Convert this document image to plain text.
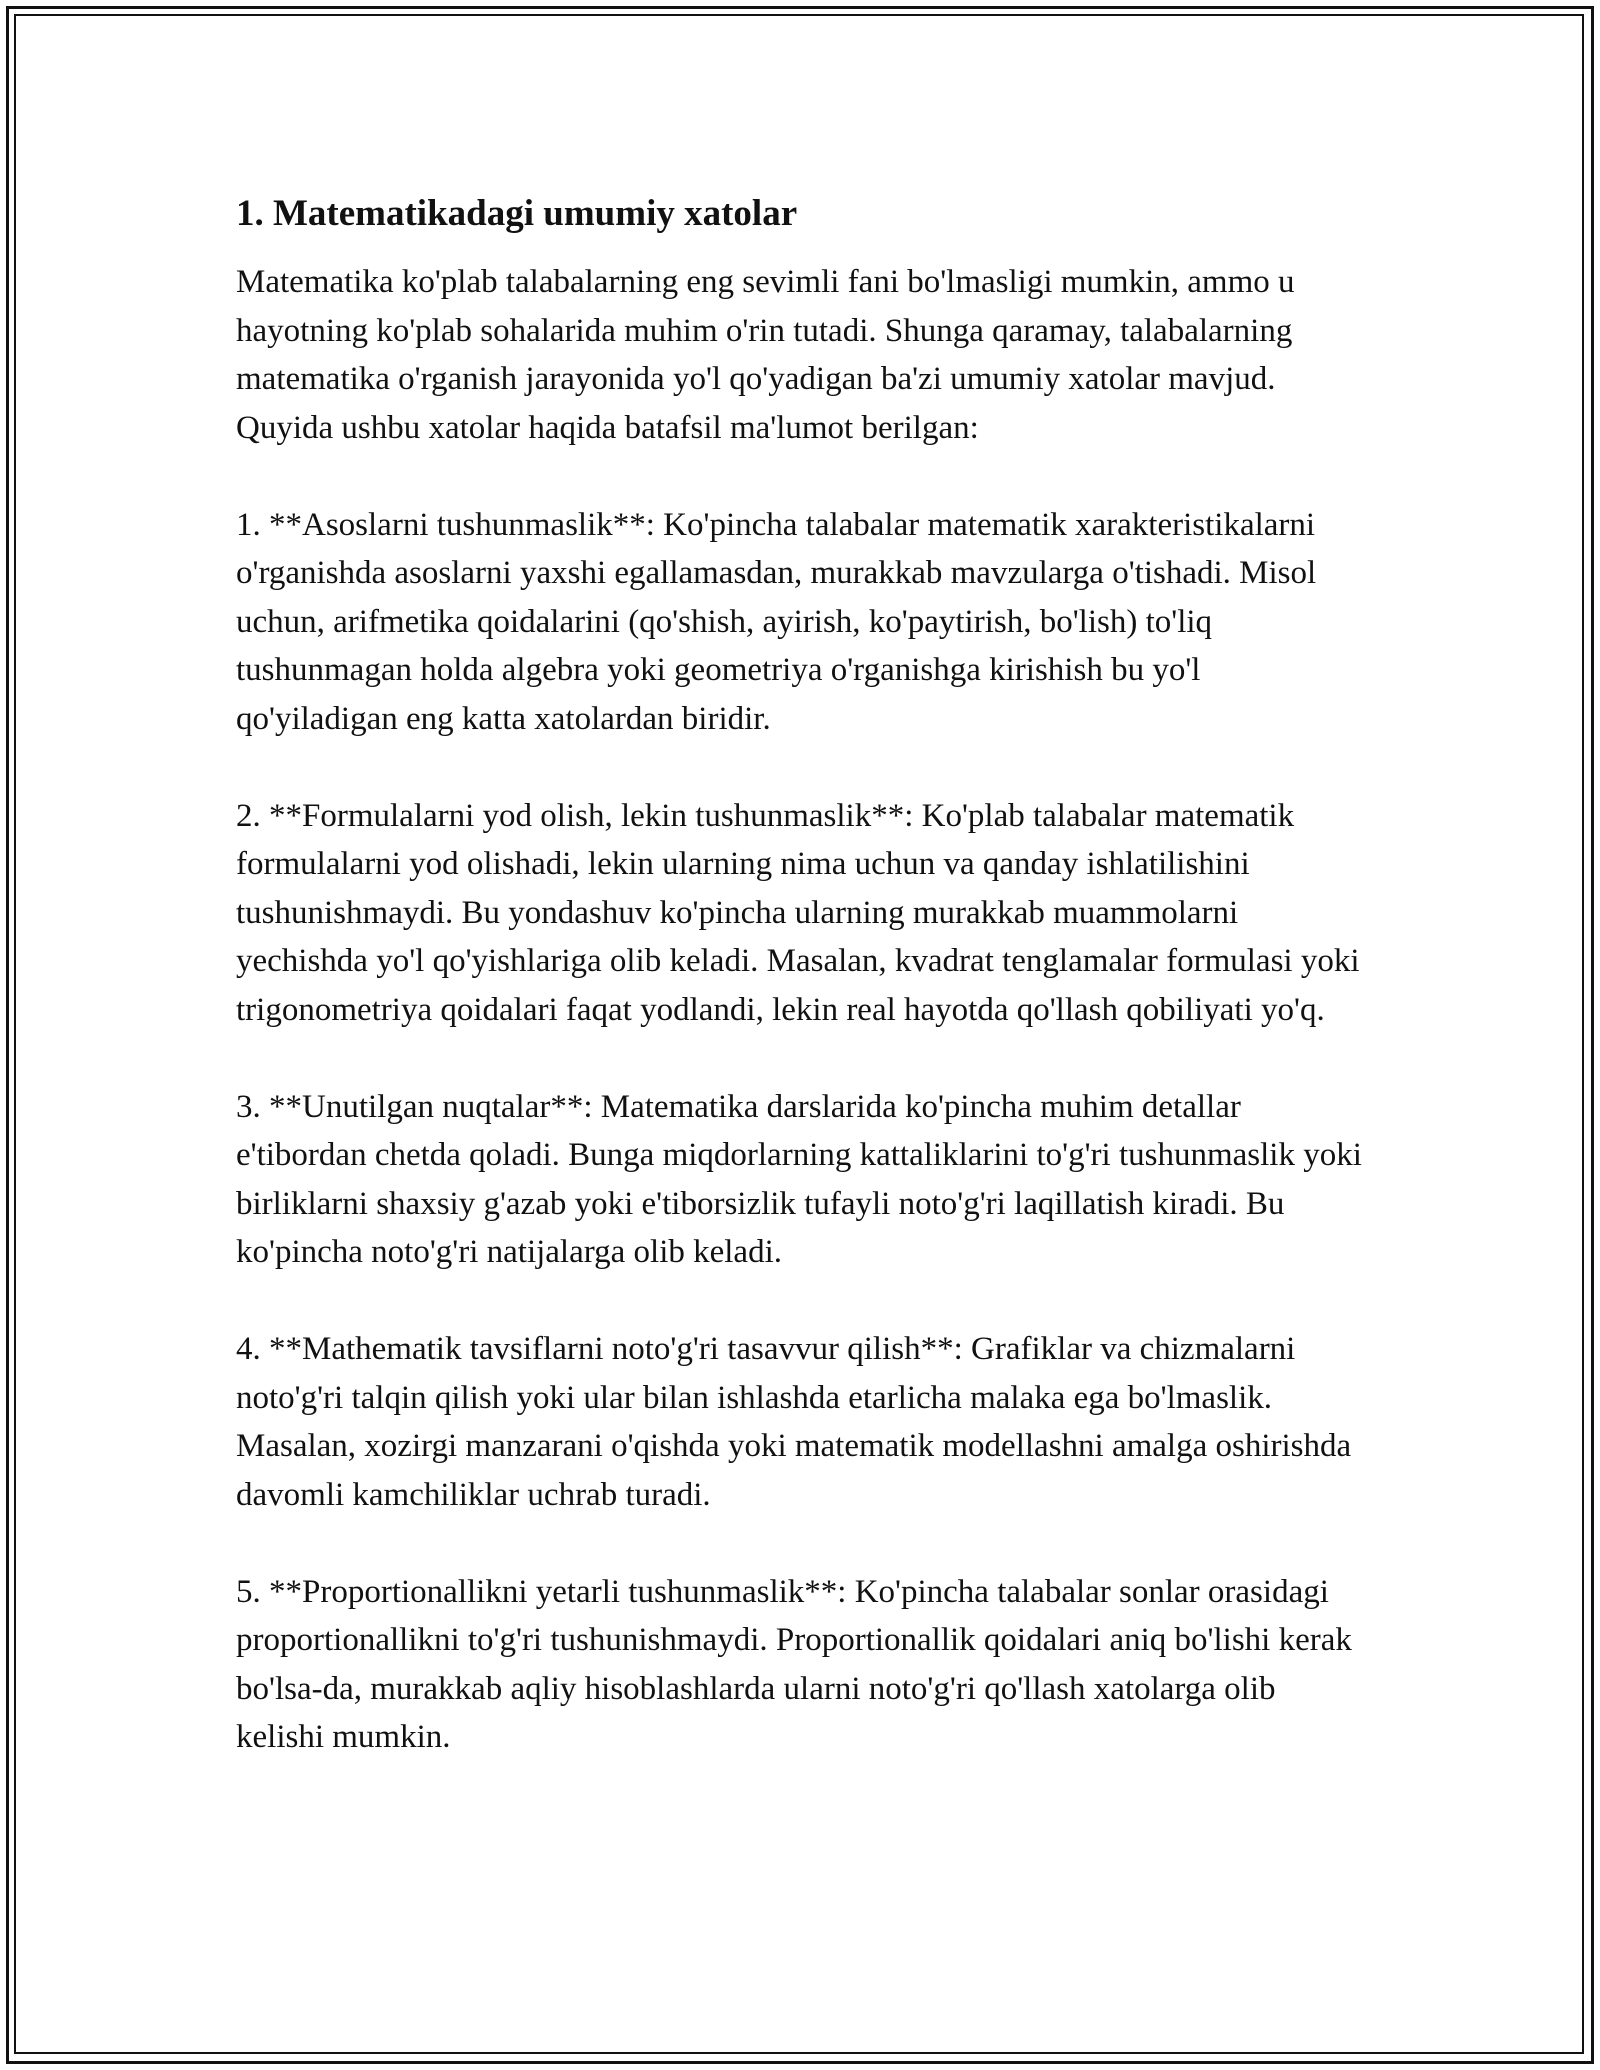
1. Matematikadagi umumiy xatolar

Matematika ko'plab talabalarning eng sevimli fani bo'lmasligi mumkin, ammo u hayotning ko'plab sohalarida muhim o'rin tutadi. Shunga qaramay, talabalarning matematika o'rganish jarayonida yo'l qo'yadigan ba'zi umumiy xatolar mavjud. Quyida ushbu xatolar haqida batafsil ma'lumot berilgan:

1. **Asoslarni tushunmaslik**: Ko'pincha talabalar matematik xarakteristikalarni o'rganishda asoslarni yaxshi egallamasdan, murakkab mavzularga o'tishadi. Misol uchun, arifmetika qoidalarini (qo'shish, ayirish, ko'paytirish, bo'lish) to'liq tushunmagan holda algebra yoki geometriya o'rganishga kirishish bu yo'l qo'yiladigan eng katta xatolardan biridir.

2. **Formulalarni yod olish, lekin tushunmaslik**: Ko'plab talabalar matematik formulalarni yod olishadi, lekin ularning nima uchun va qanday ishlatilishini tushunishmaydi. Bu yondashuv ko'pincha ularning murakkab muammolarni yechishda yo'l qo'yishlariga olib keladi. Masalan, kvadrat tenglamalar formulasi yoki trigonometriya qoidalari faqat yodlandi, lekin real hayotda qo'llash qobiliyati yo'q.

3. **Unutilgan nuqtalar**: Matematika darslarida ko'pincha muhim detallar e'tibordan chetda qoladi. Bunga miqdorlarning kattaliklarini to'g'ri tushunmaslik yoki birliklarni shaxsiy g'azab yoki e'tiborsizlik tufayli noto'g'ri laqillatish kiradi. Bu ko'pincha noto'g'ri natijalarga olib keladi.

4. **Mathematik tavsiflarni noto'g'ri tasavvur qilish**: Grafiklar va chizmalarni noto'g'ri talqin qilish yoki ular bilan ishlashda etarlicha malaka ega bo'lmaslik. Masalan, xozirgi manzarani o'qishda yoki matematik modellashni amalga oshirishda davomli kamchiliklar uchrab turadi.

5. **Proportionallikni yetarli tushunmaslik**: Ko'pincha talabalar sonlar orasidagi proportionallikni to'g'ri tushunishmaydi. Proportionallik qoidalari aniq bo'lishi kerak bo'lsa-da, murakkab aqliy hisoblashlarda ularni noto'g'ri qo'llash xatolarga olib kelishi mumkin.
